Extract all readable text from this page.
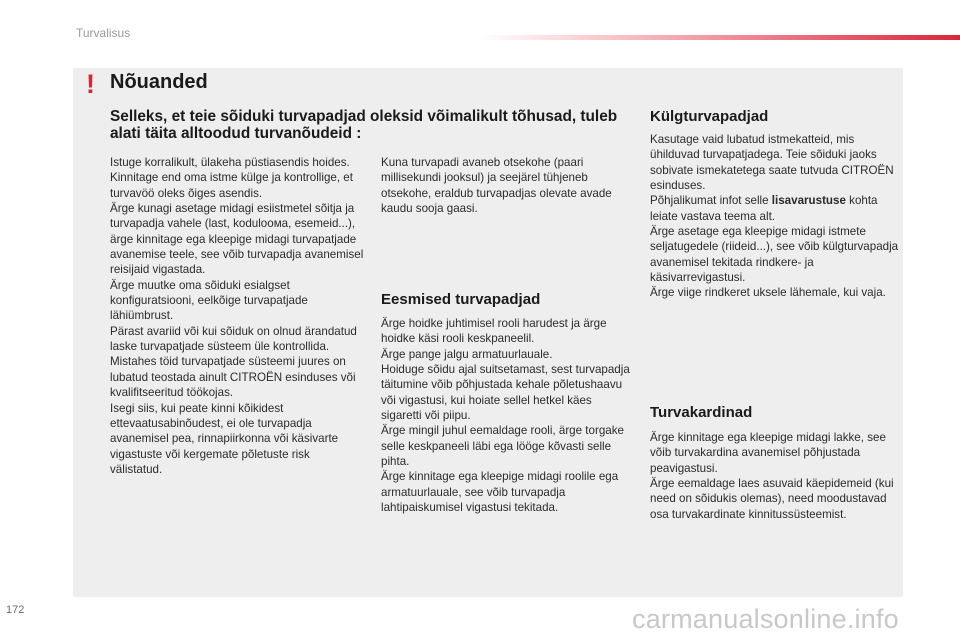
Turvalisus
! Nõuanded
Selleks, et teie sõiduki turvapadjad oleksid võimalikult tõhusad, tuleb alati täita alltoodud turvanõudeid :
Istuge korralikult, ülakeha püstiasendis hoides.
Kinnitage end oma istme külge ja kontrollige, et turvavöö oleks õiges asendis.
Ärge kunagi asetage midagi esiistmetel sõitja ja turvapadja vahele (last, koduloома, esemeid...), ärge kinnitage ega kleepige midagi turvapatjade avanemise teele, see võib turvapadja avanemisel reisijaid vigastada.
Ärge muutke oma sõiduki esialgset konfiguratsiooni, eelkõige turvapatjade lähiümbrust.
Pärast avariid või kui sõiduk on olnud ärandatud laske turvapatjade süsteem üle kontrollida.
Mistahes töid turvapatjade süsteemi juures on lubatud teostada ainult CITROËN esinduses või kvalifitseeritud töökojas.
Isegi siis, kui peate kinni kõikidest ettevaatusabinõudest, ei ole turvapadja avanemisel pea, rinnapiirkonna või käsivarte vigastuste või kergemate põletuste risk välistatud.
Kuna turvapadi avaneb otsekohe (paari millisekundi jooksul) ja seejärel tühjeneb otsekohe, eraldub turvapadjas olevate avade kaudu sooja gaasi.
Eesmised turvapadjad
Ärge hoidke juhtimisel rooli harudest ja ärge hoidke käsi rooli keskpaneelil.
Ärge pange jalgu armatuurlauale.
Hoiduge sõidu ajal suitsetamast, sest turvapadja täitumine võib põhjustada kehale põletushaavu või vigastusi, kui hoiate sellel hetkel käes sigaretti või piipu.
Ärge mingil juhul eemaldage rooli, ärge torgake selle keskpaneeli läbi ega lööge kõvasti selle pihta.
Ärge kinnitage ega kleepige midagi roolile ega armatuurlauale, see võib turvapadja lahtipaiskumisel vigastusi tekitada.
Külgturvapadjad
Kasutage vaid lubatud istmekatteid, mis ühilduvad turvapatjadega. Teie sõiduki jaoks sobivate ismekatetega saate tutvuda CITROËN esinduses.
Põhjalikumat infot selle lisavarustuse kohta leiate vastava teema alt.
Ärge asetage ega kleepige midagi istmete seljatugedele (riideid...), see võib külgturvapadja avanemisel tekitada rindkere- ja käsivarrevigastusi.
Ärge viige rindkeret uksele lähemale, kui vaja.
Turvakardinad
Ärge kinnitage ega kleepige midagi lakke, see võib turvakardina avanemisel põhjustada peavigastusi.
Ärge eemaldage laes asuvaid käepidemeid (kui need on sõidukis olemas), need moodustavad osa turvakardinate kinnitussüsteemist.
172	carmanualsonline.info
